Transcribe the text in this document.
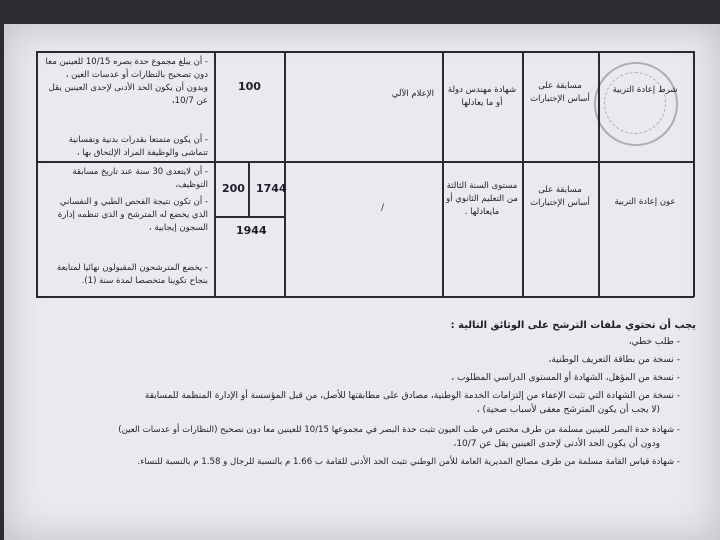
شرط إعادة التربية
مسابقة على أساس الإختبارات
شهادة مهندس دولة أو ما يعادلها
الإعلام الآلي
100
- أن يبلغ مجموع حدة بصره 10/15 للعينين معا دون تصحيح بالنظارات أو عدسات العين ، وبدون أن يكون الحد الأدنى لإحدى العينين يقل عن 10/7،
- أن يكون متمتعا بقدرات بدنية ونفسانية تتماشى والوظيفة المراد الإلتحاق بها ،
عون إعادة التربية
مسابقة على أساس الإختبارات
مستوى السنة الثالثة من التعليم الثانوي أو مايعادلها .
/
1744
200
1944
- أن لايتعدى 30 سنة عند تاريخ مسابقة التوظيف،
- أن تكون نتيجة الفحص الطبي و النفساني الذي يخضع له المترشح و الذي تنظمه إدارة السجون إيجابية ،
- يخضع المترشحون المقبولون نهائيا لمتابعة بنجاح تكوينا متخصصا لمدة سنة (1).
يجب أن تحتوي ملفات الترشح على الوثائق التالية :
- طلب خطي،
- نسخة من بطاقة التعريف الوطنية،
- نسخة من المؤهل، الشهادة أو المستوى الدراسي المطلوب ،
- نسخة من الشهادة التي تثبت الإعفاء من إلتزامات الخدمة الوطنية، مصادق على مطابقتها للأصل، من قبل المؤسسة أو الإدارة المنظمة للمسابقة
(لا يجب أن يكون المترشح معفى لأسباب صحية) ،
- شهادة حدة البصر للعينين مسلمة من طرف مختص في طب العيون تثبت حدة البصر في مجموعها 10/15 للعينين معا دون تصحيح (النظارات أو عدسات العين)
ودون أن يكون الحد الأدنى لإحدى العينين يقل عن 10/7،
- شهادة قياس القامة مسلمة من طرف مصالح المديرية العامة للأمن الوطني تثبت الحد الأدنى للقامة ب 1.66 م بالنسبة للرجال و 1.58 م بالنسبة للنساء.
